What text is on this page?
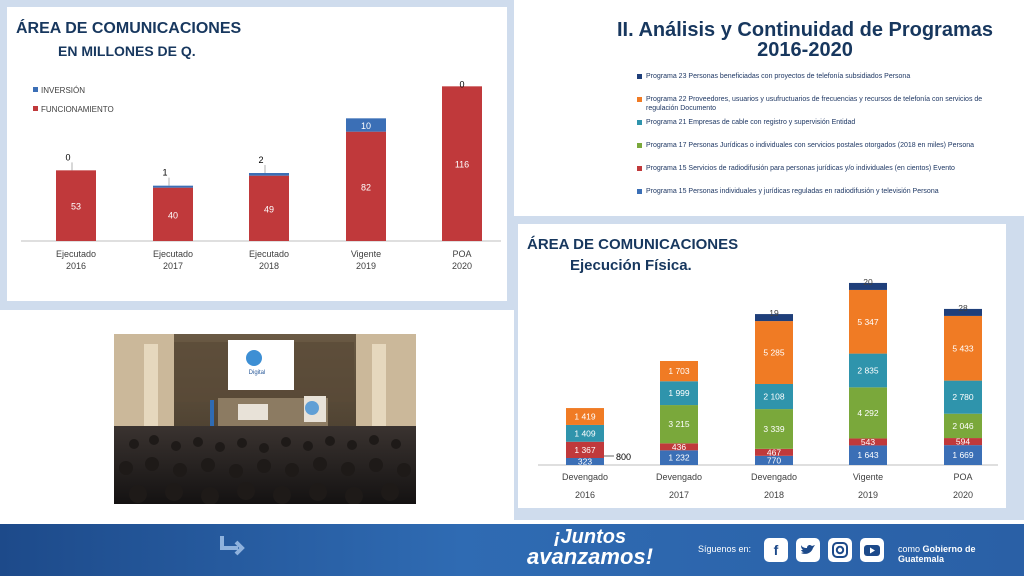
ÁREA DE COMUNICACIONES
EN MILLONES DE Q.
INVERSIÓN
FUNCIONAMIENTO
53
0
Ejecutado
2016
40
1
Ejecutado
2017
49
2
Ejecutado
2018
82
10
Vigente
2019
116
0
POA
2020
II. Análisis y Continuidad de Programas 2016-2020
Programa 23 Personas beneficiadas con proyectos de telefonía subsidiados Persona
Programa 22 Proveedores, usuarios y usufructuarios de frecuencias y recursos de telefonía con servicios de regulación Documento
Programa 21 Empresas de cable con registro y supervisión Entidad
Programa 17 Personas Jurídicas o individuales con servicios postales otorgados (2018 en miles) Persona
Programa 15 Servicios de radiodifusión para personas jurídicas y/o individuales (en cientos) Evento
Programa 15 Personas individuales y jurídicas reguladas en radiodifusión y televisión Persona
ÁREA DE COMUNICACIONES
Ejecución Física.
323
1 367
1 409
1 419
Devengado
2016
1 232
436
3 215
1 999
1 703
Devengado
2017
770
467
3 339
2 108
5 285
19
Devengado
2018
1 643
543
4 292
2 835
5 347
20
Vigente
2019
1 669
594
2 046
2 780
5 433
28
POA
2020
800
Digital
¡Juntos
avanzamos!	Síguenos en:	f	como Gobierno de Guatemala
